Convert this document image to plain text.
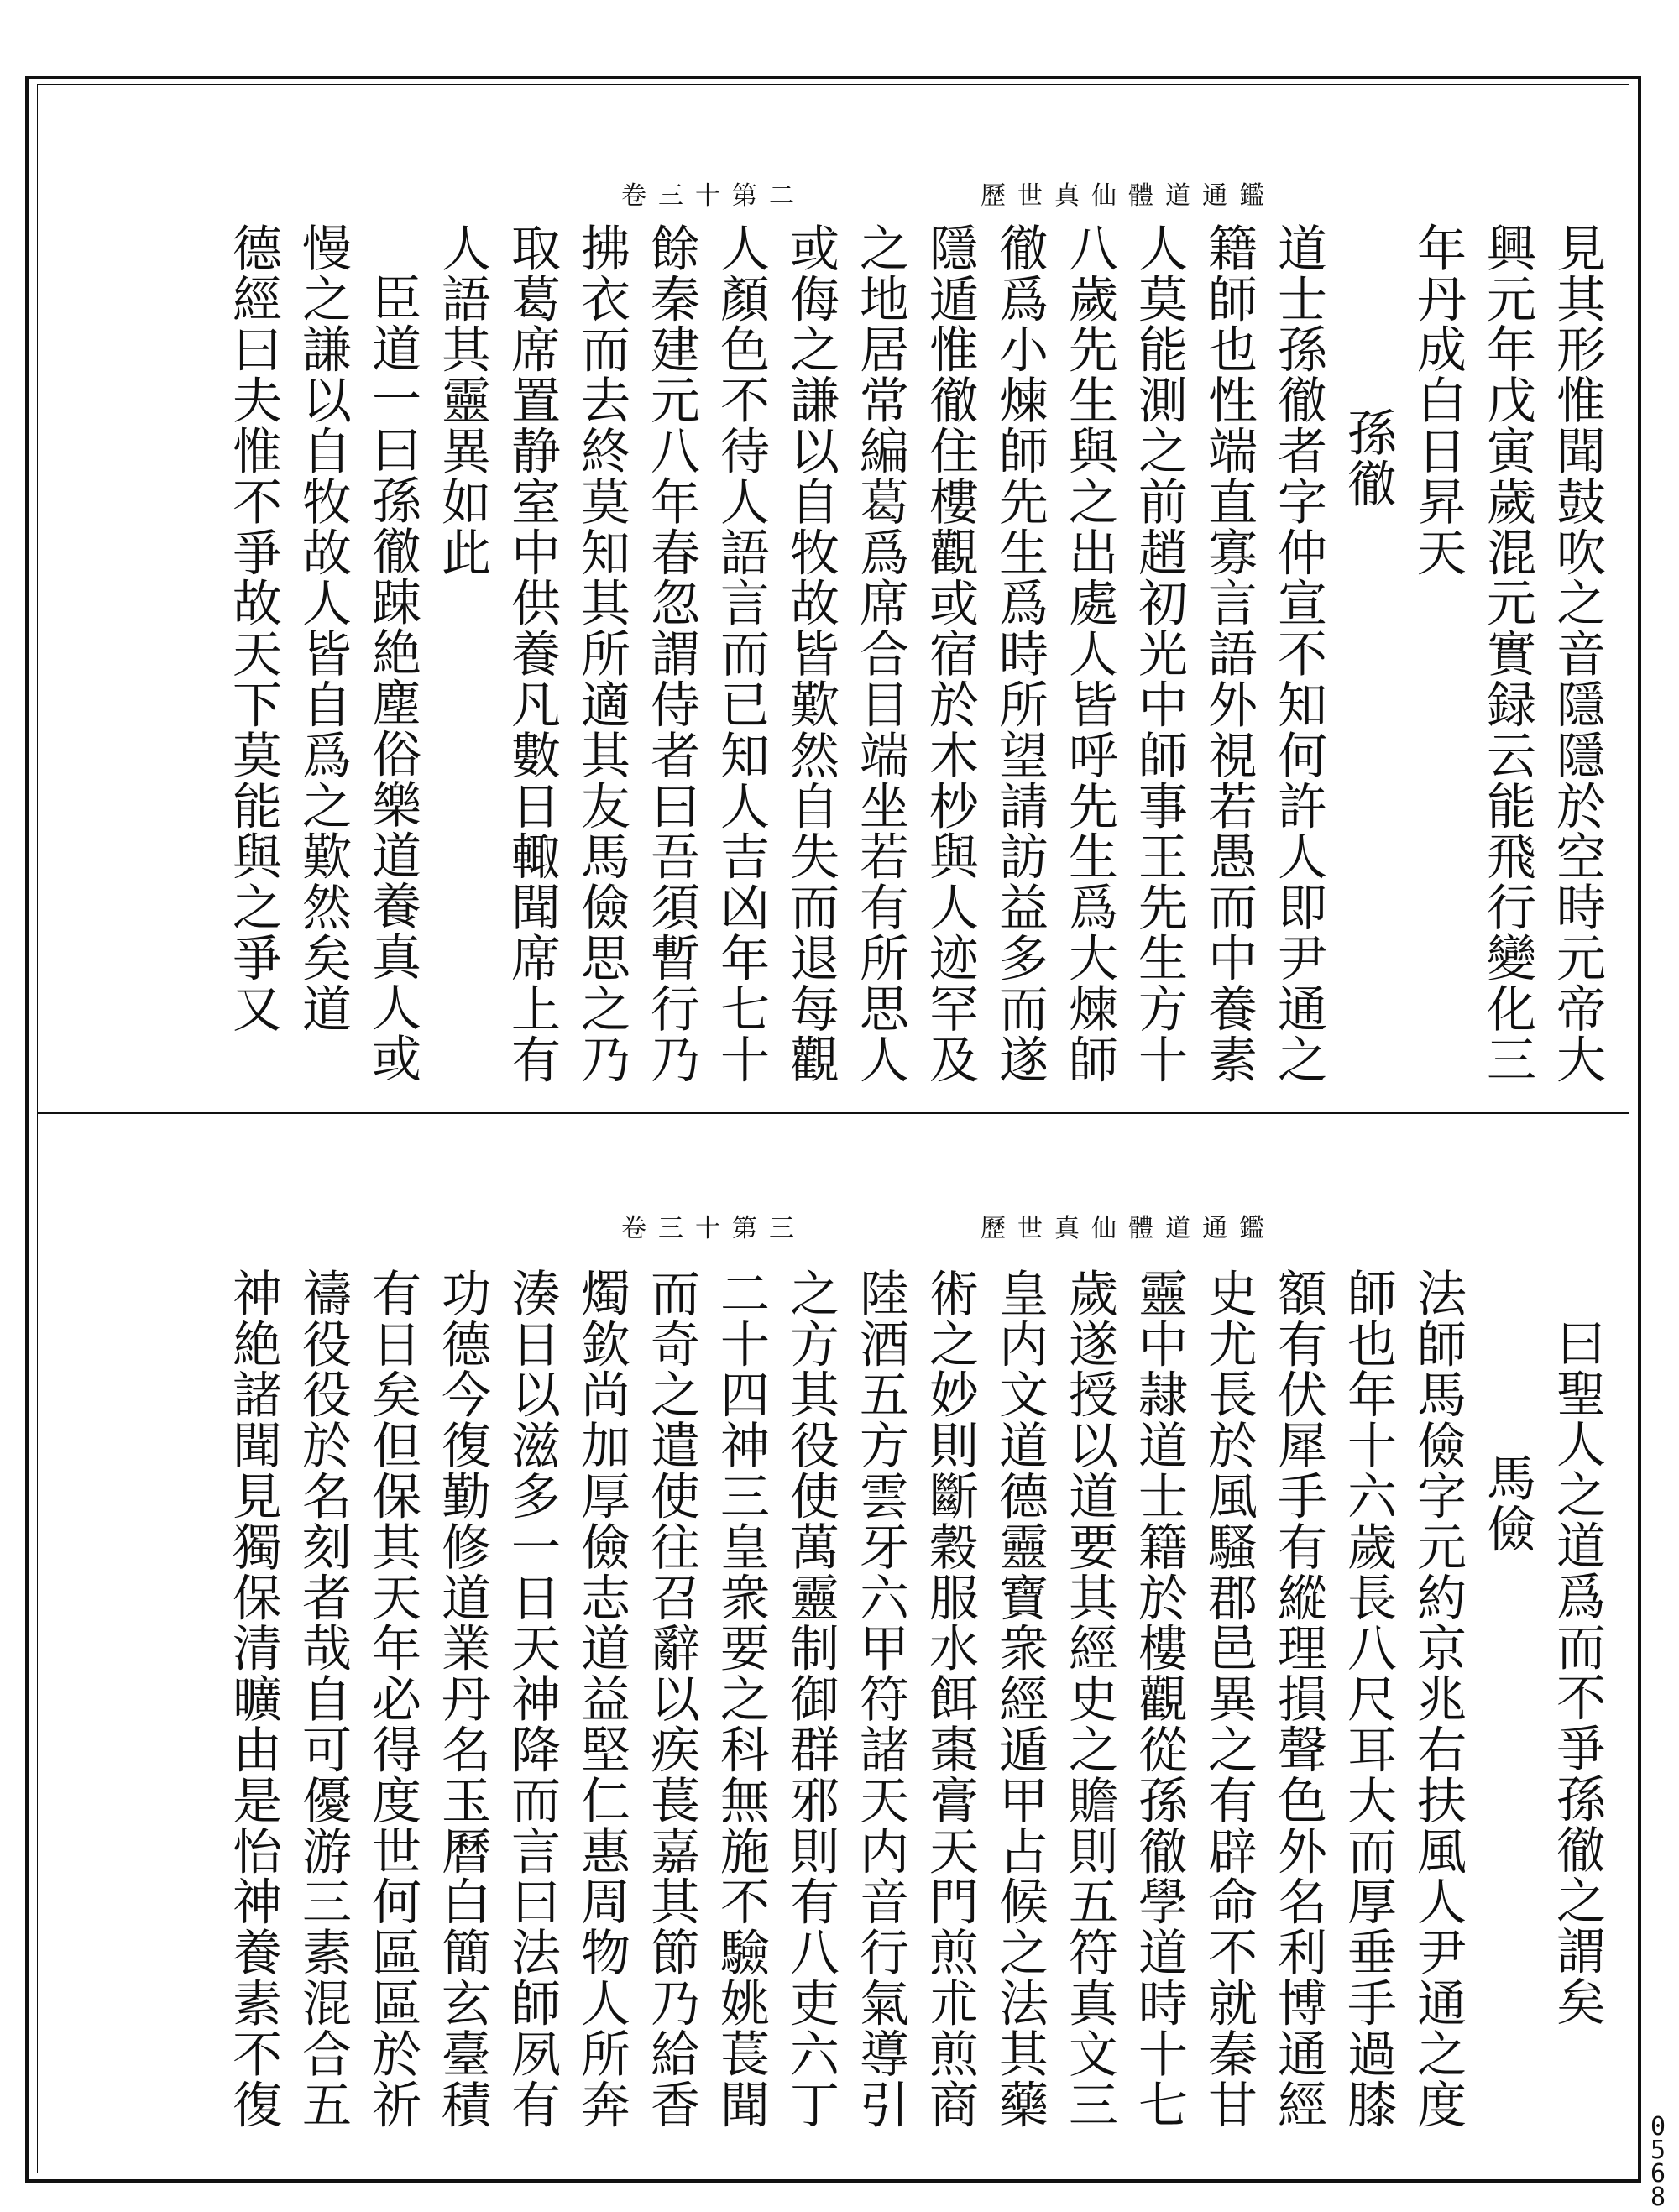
卷三十第二	歷世真仙體道通鑑
見其形惟聞鼓吹之音隱隱於空時元帝大
興元年戊寅歲混元實録云能飛行變化三
年丹成白日昇天
孫徹
道士孫徹者字仲宣不知何許人即尹通之
籍師也性端直寡言語外視若愚而中養素
人莫能測之前趙初光中師事王先生方十
八歲先生與之出處人皆呼先生爲大煉師
徹爲小煉師先生爲時所望請訪益多而遂
隱遁惟徹住樓觀或宿於木杪與人迹罕及
之地居常編葛爲席合目端坐若有所思人
或侮之謙以自牧故皆歎然自失而退每觀
人顏色不待人語言而已知人吉凶年七十
餘秦建元八年春忽謂侍者曰吾須暫行乃
拂衣而去終莫知其所適其友馬儉思之乃
取葛席置静室中供養凡數日輙聞席上有
人語其靈異如此
臣道一曰孫徹踈絶塵俗樂道養真人或
慢之謙以自牧故人皆自爲之歎然矣道
德經曰夫惟不爭故天下莫能與之爭又
卷三十第三	歷世真仙體道通鑑
曰聖人之道爲而不爭孫徹之謂矣
馬儉
法師馬儉字元約京兆右扶風人尹通之度
師也年十六歲長八尺耳大而厚垂手過膝
額有伏犀手有縱理損聲色外名利博通經
史尤長於風騷郡邑異之有辟命不就秦甘
靈中隷道士籍於樓觀從孫徹學道時十七
歲遂授以道要其經史之贍則五符真文三
皇内文道德靈寶衆經遁甲占候之法其藥
術之妙則斷穀服水餌棗膏天門煎朮煎商
陸酒五方雲牙六甲符諸天内音行氣導引
之方其役使萬靈制御群邪則有八吏六丁
二十四神三皇衆要之科無施不驗姚萇聞
而奇之遣使往召辭以疾萇嘉其節乃給香
燭欽尚加厚儉志道益堅仁惠周物人所奔
湊日以滋多一日天神降而言曰法師夙有
功德今復勤修道業丹名玉曆白簡玄臺積
有日矣但保其天年必得度世何區區於祈
禱役役於名刻者哉自可優游三素混合五
神絶諸聞見獨保清曠由是怡神養素不復	0
5
6
8
